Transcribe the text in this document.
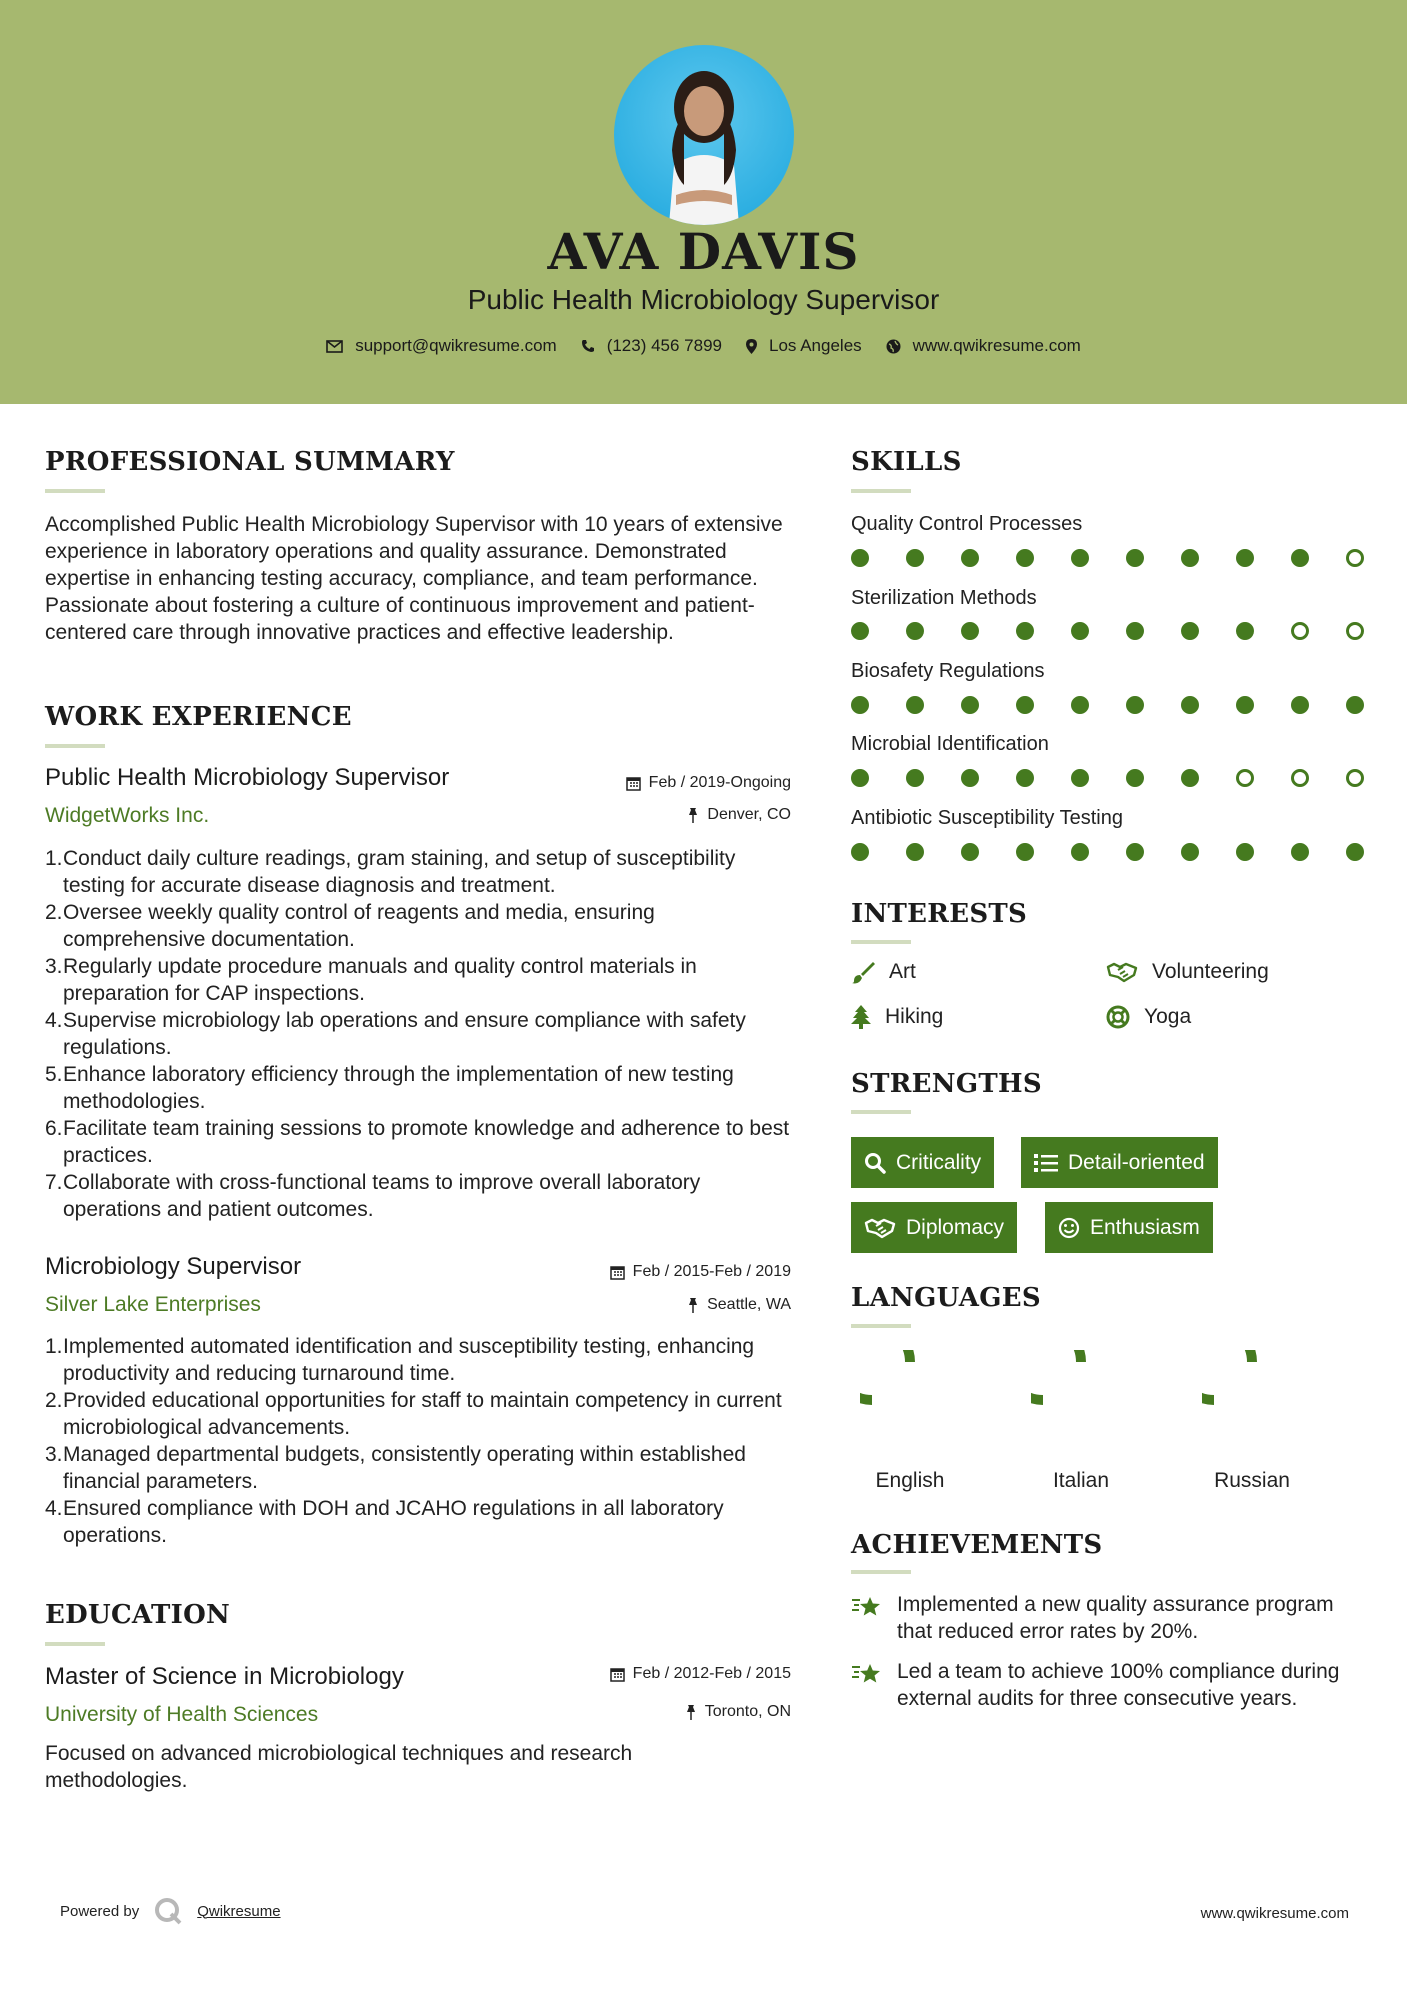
AVA DAVIS
Public Health Microbiology Supervisor
support@qwikresume.com	(123) 456 7899	Los Angeles	www.qwikresume.com
PROFESSIONAL SUMMARY
Accomplished Public Health Microbiology Supervisor with 10 years of extensive experience in laboratory operations and quality assurance. Demonstrated expertise in enhancing testing accuracy, compliance, and team performance. Passionate about fostering a culture of continuous improvement and patient-centered care through innovative practices and effective leadership.
WORK EXPERIENCE
Public Health Microbiology Supervisor	Feb / 2019-Ongoing
WidgetWorks Inc.	Denver, CO
1. Conduct daily culture readings, gram staining, and setup of susceptibility testing for accurate disease diagnosis and treatment.
2. Oversee weekly quality control of reagents and media, ensuring comprehensive documentation.
3. Regularly update procedure manuals and quality control materials in preparation for CAP inspections.
4. Supervise microbiology lab operations and ensure compliance with safety regulations.
5. Enhance laboratory efficiency through the implementation of new testing methodologies.
6. Facilitate team training sessions to promote knowledge and adherence to best practices.
7. Collaborate with cross-functional teams to improve overall laboratory operations and patient outcomes.
Microbiology Supervisor	Feb / 2015-Feb / 2019
Silver Lake Enterprises	Seattle, WA
1. Implemented automated identification and susceptibility testing, enhancing productivity and reducing turnaround time.
2. Provided educational opportunities for staff to maintain competency in current microbiological advancements.
3. Managed departmental budgets, consistently operating within established financial parameters.
4. Ensured compliance with DOH and JCAHO regulations in all laboratory operations.
EDUCATION
Master of Science in Microbiology	Feb / 2012-Feb / 2015
University of Health Sciences	Toronto, ON
Focused on advanced microbiological techniques and research methodologies.
SKILLS
Quality Control Processes
Sterilization Methods
Biosafety Regulations
Microbial Identification
Antibiotic Susceptibility Testing
INTERESTS
Art	Volunteering
Hiking	Yoga
STRENGTHS
Criticality	Detail-oriented
Diplomacy	Enthusiasm
LANGUAGES
English	Italian	Russian
ACHIEVEMENTS
Implemented a new quality assurance program that reduced error rates by 20%.
Led a team to achieve 100% compliance during external audits for three consecutive years.
Powered by	Qwikresume	www.qwikresume.com
